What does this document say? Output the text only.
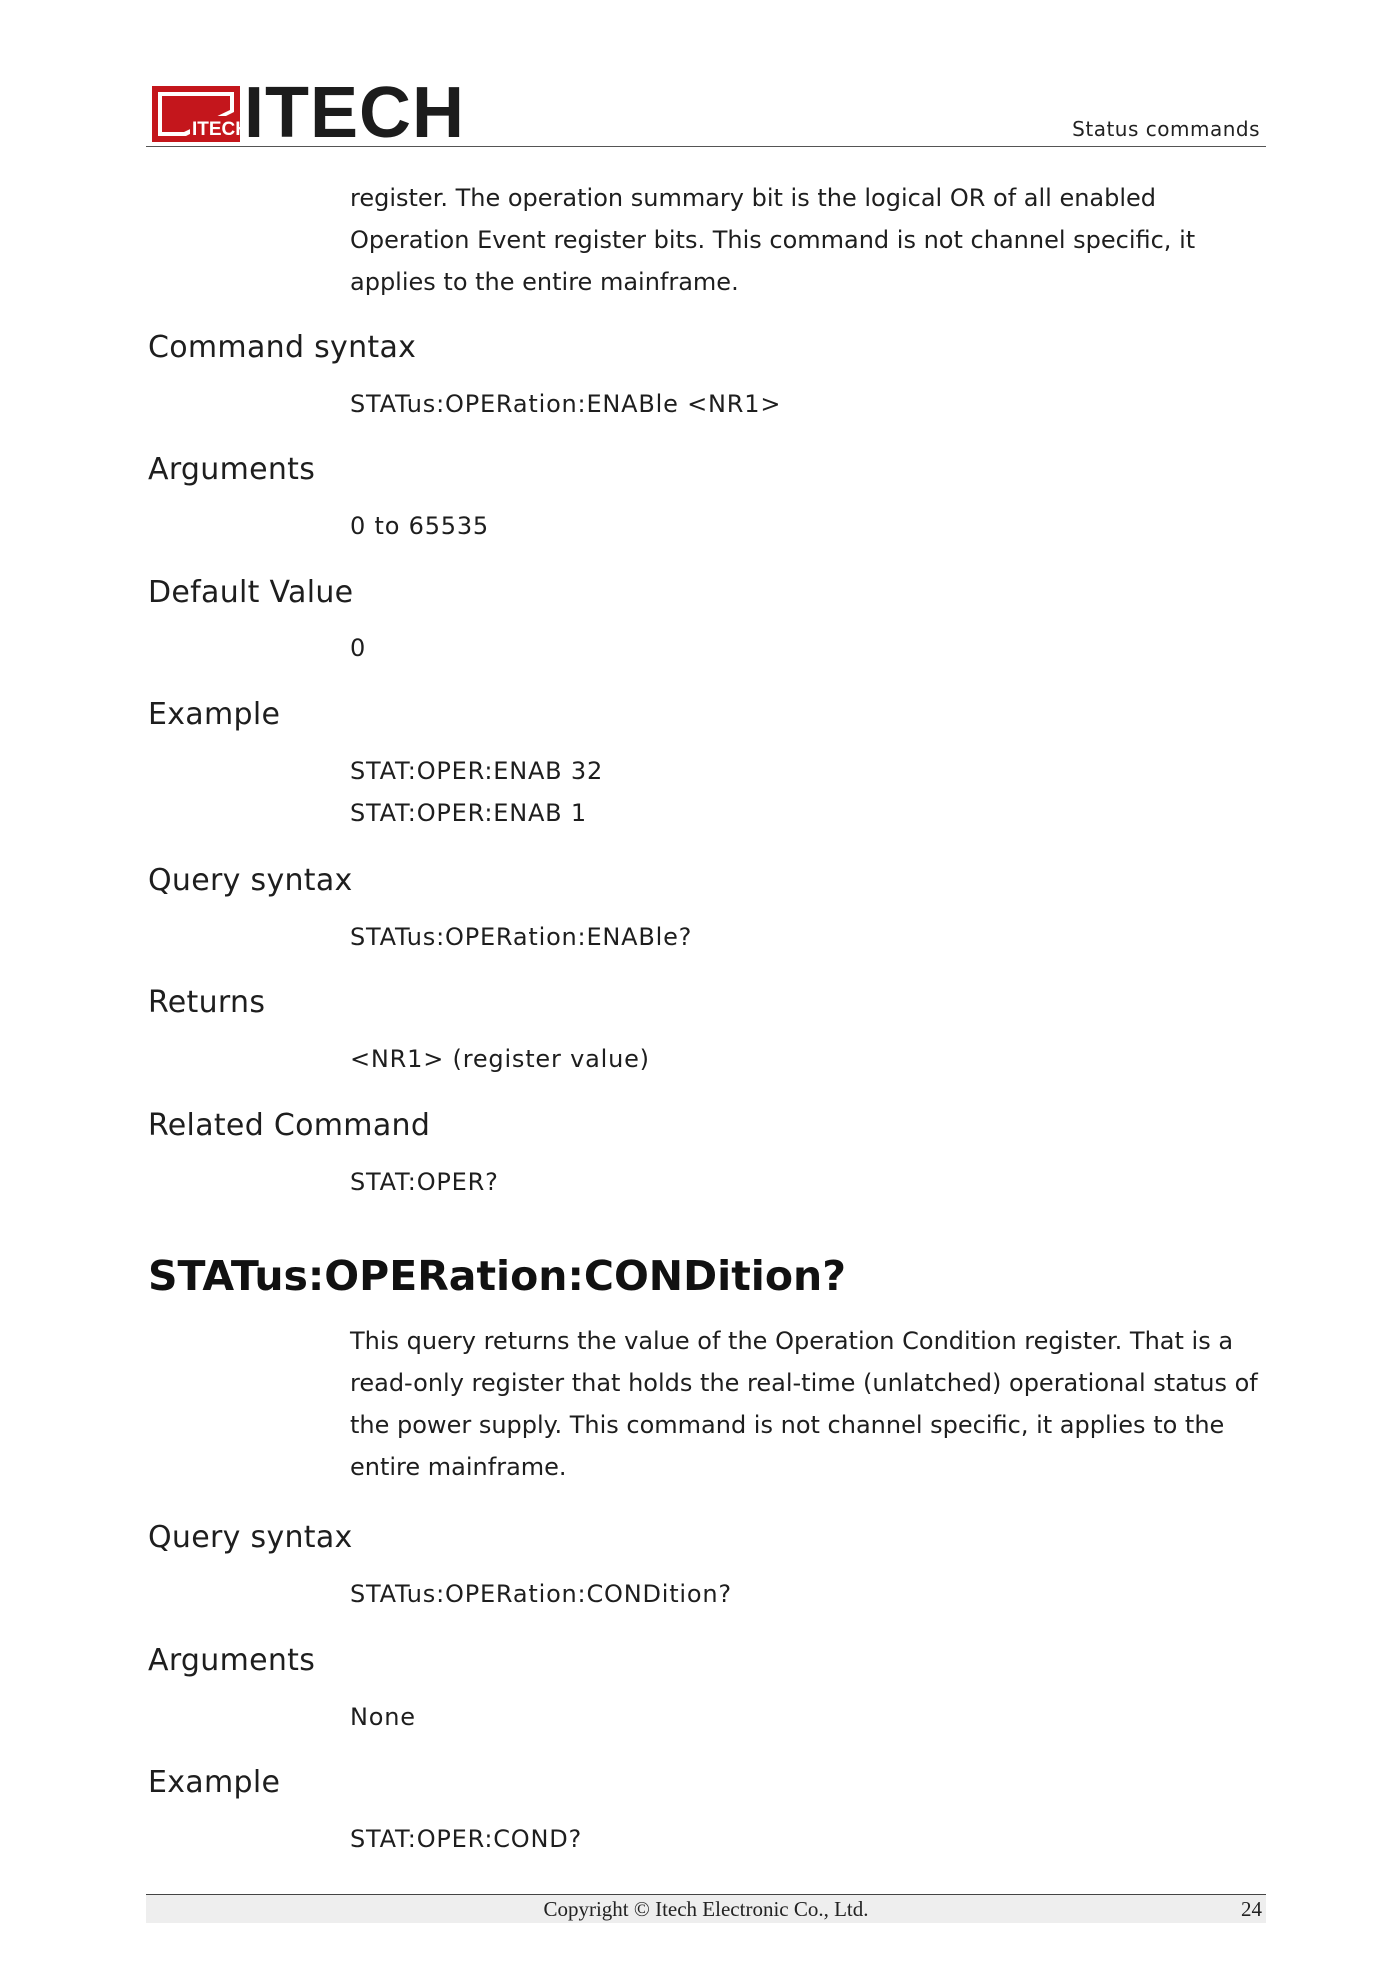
ITECH
ITECH	Status commands

register. The operation summary bit is the logical OR of all enabled Operation Event register bits. This command is not channel specific, it applies to the entire mainframe.

Command syntax

STATus:OPERation:ENABle <NR1>

Arguments

0 to 65535

Default Value

0

Example

STAT:OPER:ENAB 32

STAT:OPER:ENAB 1

Query syntax

STATus:OPERation:ENABle?

Returns

<NR1> (register value)

Related Command

STAT:OPER?

STATus:OPERation:CONDition?

This query returns the value of the Operation Condition register. That is a read-only register that holds the real-time (unlatched) operational status of the power supply. This command is not channel specific, it applies to the entire mainframe.

Query syntax

STATus:OPERation:CONDition?

Arguments

None

Example

STAT:OPER:COND?

Copyright © Itech Electronic Co., Ltd.	24
